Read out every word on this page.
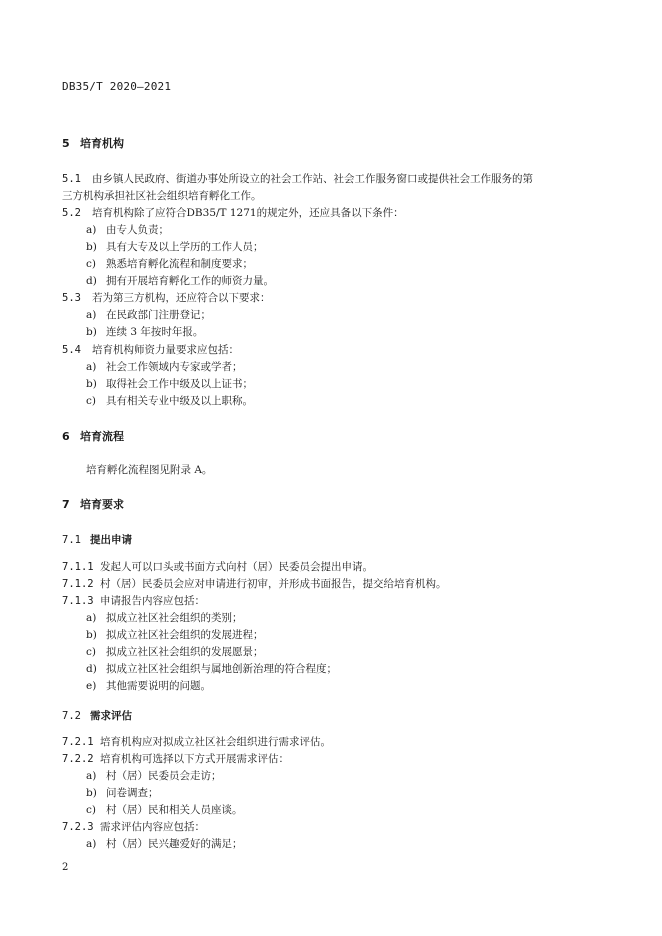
DB35/T 2020—2021
5 培育机构
5.1 由乡镇人民政府、街道办事处所设立的社会工作站、社会工作服务窗口或提供社会工作服务的第
三方机构承担社区社会组织培育孵化工作。
5.2 培育机构除了应符合DB35/T 1271的规定外，还应具备以下条件：
a) 由专人负责；
b) 具有大专及以上学历的工作人员；
c) 熟悉培育孵化流程和制度要求；
d) 拥有开展培育孵化工作的师资力量。
5.3 若为第三方机构，还应符合以下要求：
a) 在民政部门注册登记；
b) 连续 3 年按时年报。
5.4 培育机构师资力量要求应包括：
a) 社会工作领域内专家或学者；
b) 取得社会工作中级及以上证书；
c) 具有相关专业中级及以上职称。
6 培育流程
培育孵化流程图见附录 A。
7 培育要求
7.1 提出申请
7.1.1 发起人可以口头或书面方式向村（居）民委员会提出申请。
7.1.2 村（居）民委员会应对申请进行初审，并形成书面报告，提交给培育机构。
7.1.3 申请报告内容应包括：
a) 拟成立社区社会组织的类别；
b) 拟成立社区社会组织的发展进程；
c) 拟成立社区社会组织的发展愿景；
d) 拟成立社区社会组织与属地创新治理的符合程度；
e) 其他需要说明的问题。
7.2 需求评估
7.2.1 培育机构应对拟成立社区社会组织进行需求评估。
7.2.2 培育机构可选择以下方式开展需求评估：
a) 村（居）民委员会走访；
b) 问卷调查；
c) 村（居）民和相关人员座谈。
7.2.3 需求评估内容应包括：
a) 村（居）民兴趣爱好的满足；
2
